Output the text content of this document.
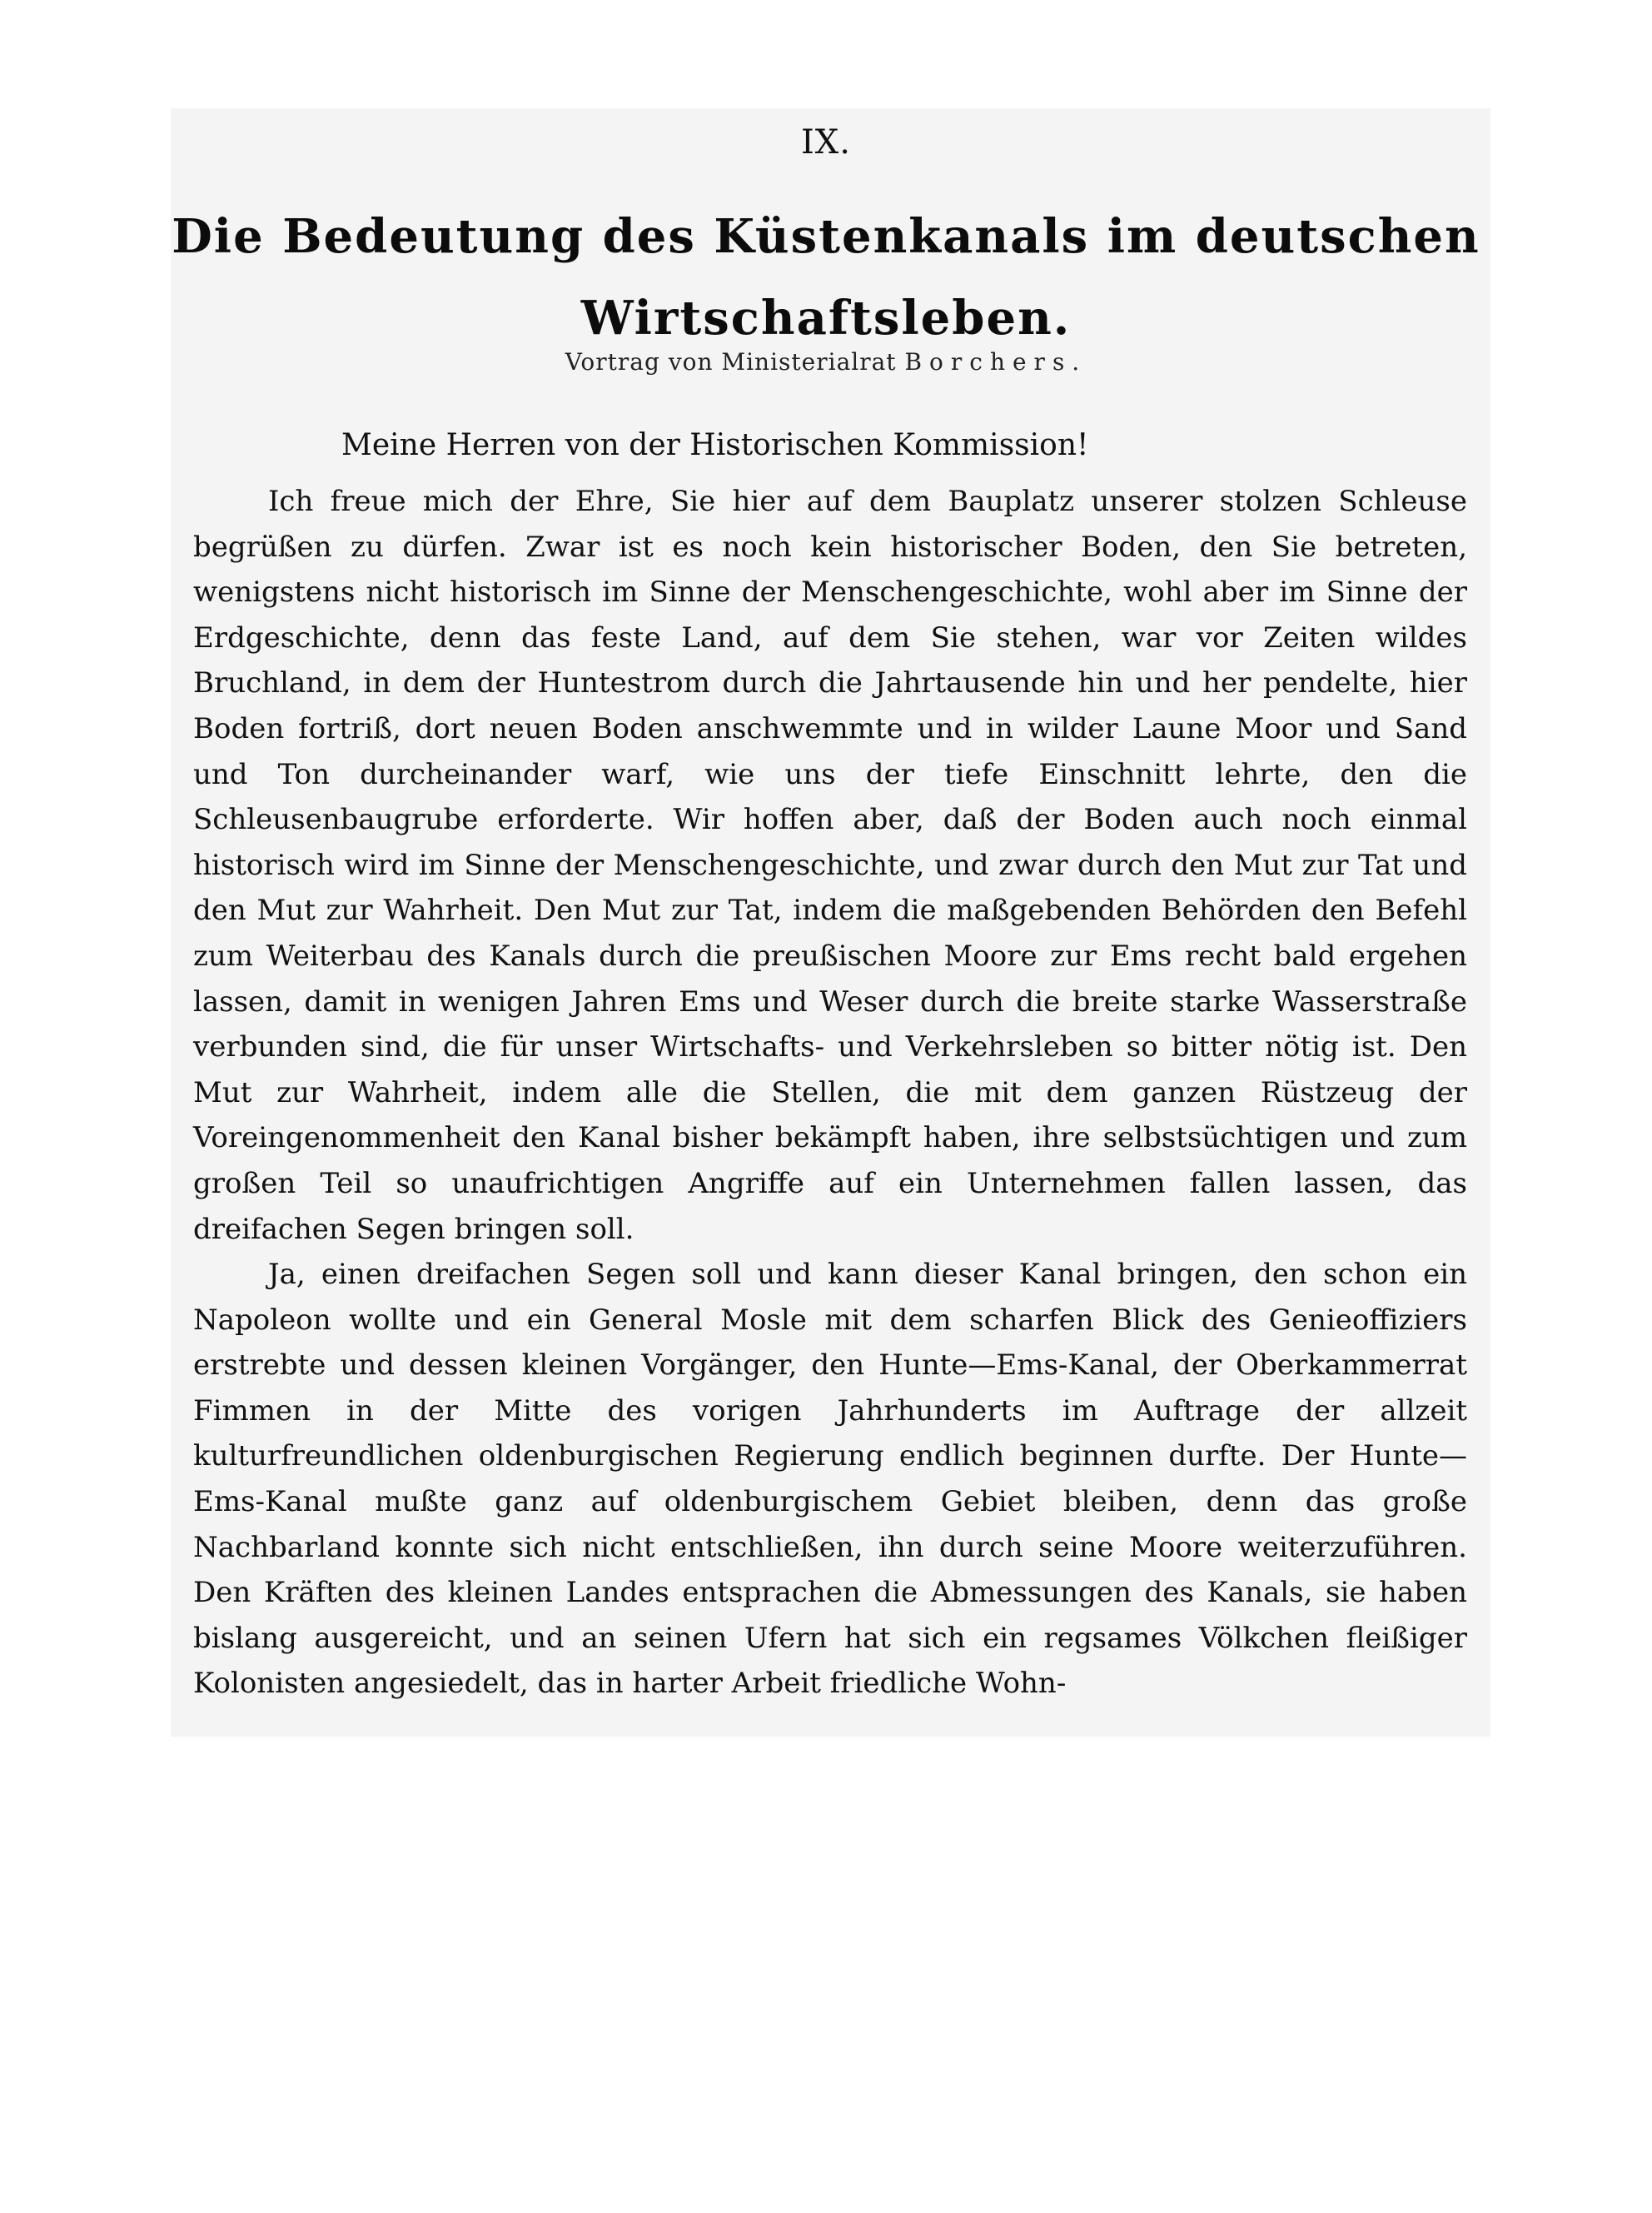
IX.
Die Bedeutung des Küstenkanals im deutschen Wirtschaftsleben.
Vortrag von Ministerialrat Borchers.
Meine Herren von der Historischen Kommission!

Ich freue mich der Ehre, Sie hier auf dem Bauplatz unserer stolzen Schleuse begrüßen zu dürfen. Zwar ist es noch kein historischer Boden, den Sie betreten, wenigstens nicht historisch im Sinne der Menschengeschichte, wohl aber im Sinne der Erdgeschichte, denn das feste Land, auf dem Sie stehen, war vor Zeiten wildes Bruchland, in dem der Huntestrom durch die Jahrtausende hin und her pendelte, hier Boden fortriß, dort neuen Boden anschwemmte und in wilder Laune Moor und Sand und Ton durcheinander warf, wie uns der tiefe Einschnitt lehrte, den die Schleusenbaugrube erforderte. Wir hoffen aber, daß der Boden auch noch einmal historisch wird im Sinne der Menschengeschichte, und zwar durch den Mut zur Tat und den Mut zur Wahrheit. Den Mut zur Tat, indem die maßgebenden Behörden den Befehl zum Weiterbau des Kanals durch die preußischen Moore zur Ems recht bald ergehen lassen, damit in wenigen Jahren Ems und Weser durch die breite starke Wasserstraße verbunden sind, die für unser Wirtschafts- und Verkehrsleben so bitter nötig ist. Den Mut zur Wahrheit, indem alle die Stellen, die mit dem ganzen Rüstzeug der Voreingenommenheit den Kanal bisher bekämpft haben, ihre selbstsüchtigen und zum großen Teil so unaufrichtigen Angriffe auf ein Unternehmen fallen lassen, das dreifachen Segen bringen soll.

Ja, einen dreifachen Segen soll und kann dieser Kanal bringen, den schon ein Napoleon wollte und ein General Mosle mit dem scharfen Blick des Genieoffiziers erstrebte und dessen kleinen Vorgänger, den Hunte—Ems-Kanal, der Oberkammerrat Fimmen in der Mitte des vorigen Jahrhunderts im Auftrage der allzeit kulturfreundlichen oldenburgischen Regierung endlich beginnen durfte. Der Hunte—Ems-Kanal mußte ganz auf oldenburgischem Gebiet bleiben, denn das große Nachbarland konnte sich nicht entschließen, ihn durch seine Moore weiterzuführen. Den Kräften des kleinen Landes entsprachen die Abmessungen des Kanals, sie haben bislang ausgereicht, und an seinen Ufern hat sich ein regsames Völkchen fleißiger Kolonisten angesiedelt, das in harter Arbeit friedliche Wohn-
